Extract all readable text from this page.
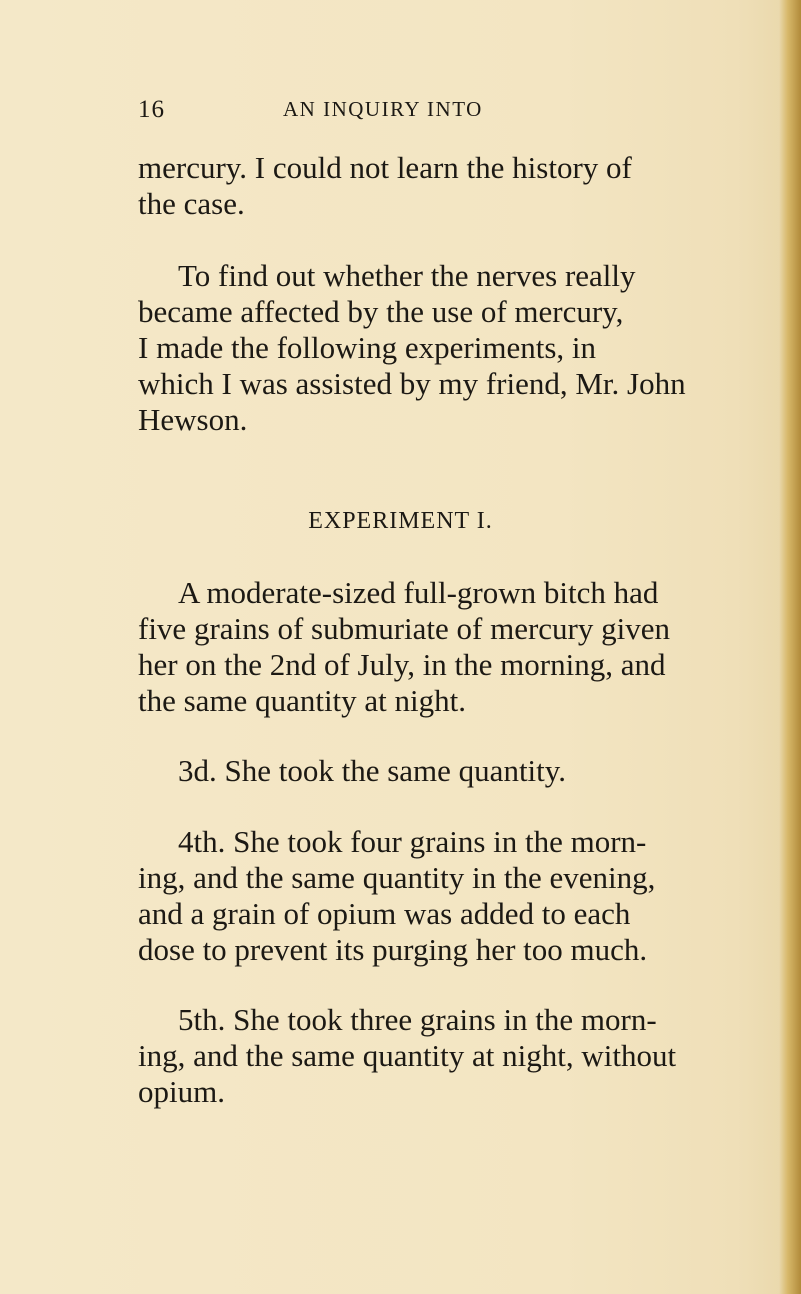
16	AN INQUIRY INTO
mercury. I could not learn the history of
the case.
To find out whether the nerves really
became affected by the use of mercury,
I made the following experiments, in
which I was assisted by my friend, Mr. John
Hewson.
EXPERIMENT I.
A moderate-sized full-grown bitch had
five grains of submuriate of mercury given
her on the 2nd of July, in the morning, and
the same quantity at night.
3d. She took the same quantity.
4th. She took four grains in the morn-
ing, and the same quantity in the evening,
and a grain of opium was added to each
dose to prevent its purging her too much.
5th. She took three grains in the morn-
ing, and the same quantity at night, without
opium.
